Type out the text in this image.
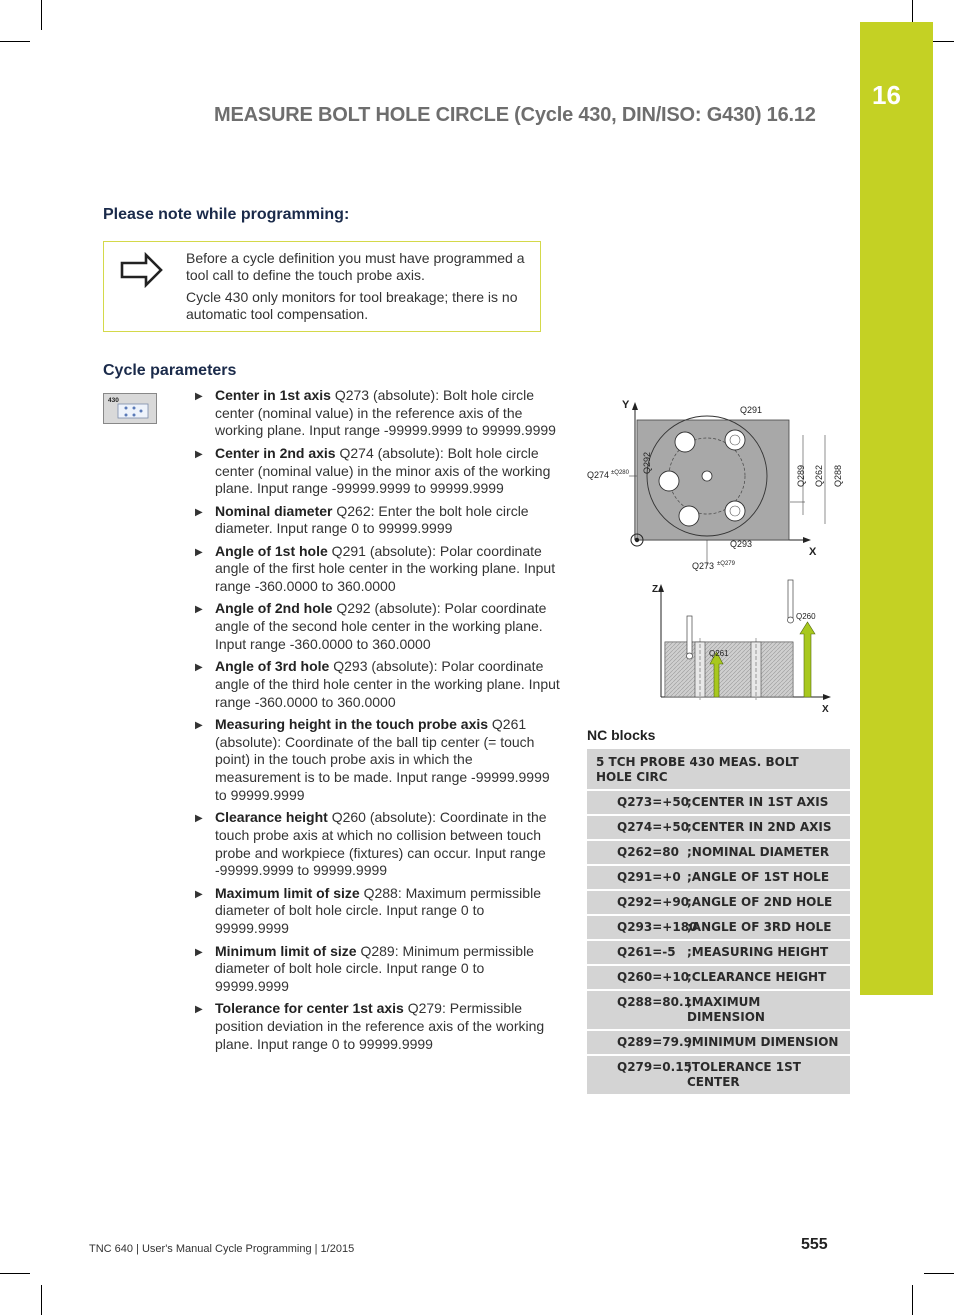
16
MEASURE BOLT HOLE CIRCLE (Cycle 430, DIN/ISO: G430) 16.12
Please note while programming:

Before a cycle definition you must have programmed a tool call to define the touch probe axis.

Cycle 430 only monitors for tool breakage; there is no automatic tool compensation.

Cycle parameters
430	▶ Center in 1st axis Q273 (absolute): Bolt hole circle center (nominal value) in the reference axis of the working plane. Input range -99999.9999 to 99999.9999
▶ Center in 2nd axis Q274 (absolute): Bolt hole circle center (nominal value) in the minor axis of the working plane. Input range -99999.9999 to 99999.9999
▶ Nominal diameter Q262: Enter the bolt hole circle diameter. Input range 0 to 99999.9999
▶ Angle of 1st hole Q291 (absolute): Polar coordinate angle of the first hole center in the working plane. Input range -360.0000 to 360.0000
▶ Angle of 2nd hole Q292 (absolute): Polar coordinate angle of the second hole center in the working plane. Input range -360.0000 to 360.0000
▶ Angle of 3rd hole Q293 (absolute): Polar coordinate angle of the third hole center in the working plane. Input range -360.0000 to 360.0000
▶ Measuring height in the touch probe axis Q261 (absolute): Coordinate of the ball tip center (= touch point) in the touch probe axis in which the measurement is to be made. Input range -99999.9999 to 99999.9999
▶ Clearance height Q260 (absolute): Coordinate in the touch probe axis at which no collision between touch probe and workpiece (fixtures) can occur. Input range -99999.9999 to 99999.9999
▶ Maximum limit of size Q288: Maximum permissible diameter of bolt hole circle. Input range 0 to 99999.9999
▶ Minimum limit of size Q289: Minimum permissible diameter of bolt hole circle. Input range 0 to 99999.9999
▶ Tolerance for center 1st axis Q279: Permissible position deviation in the reference axis of the working plane. Input range 0 to 99999.9999
Y
X
Q291
Q292
Q293
Q274 ±Q280
Q273 ±Q279
Q289 Q262 Q288
Z
X
Q261
Q260
NC blocks
5 TCH PROBE 430 MEAS. BOLT HOLE CIRC
Q273=+50
;CENTER IN 1ST AXIS
Q274=+50
;CENTER IN 2ND AXIS
Q262=80 ;NOMINAL DIAMETER
Q291=+0 ;ANGLE OF 1ST HOLE
Q292=+90
;ANGLE OF 2ND HOLE
Q293=+180
;ANGLE OF 3RD HOLE
Q261=-5 ;MEASURING HEIGHT
Q260=+10
;CLEARANCE HEIGHT
Q288=80.1
;MAXIMUM DIMENSION
Q289=79.9
;MINIMUM DIMENSION
Q279=0.15
;TOLERANCE 1ST CENTER
TNC 640 | User's Manual Cycle Programming | 1/2015	555
